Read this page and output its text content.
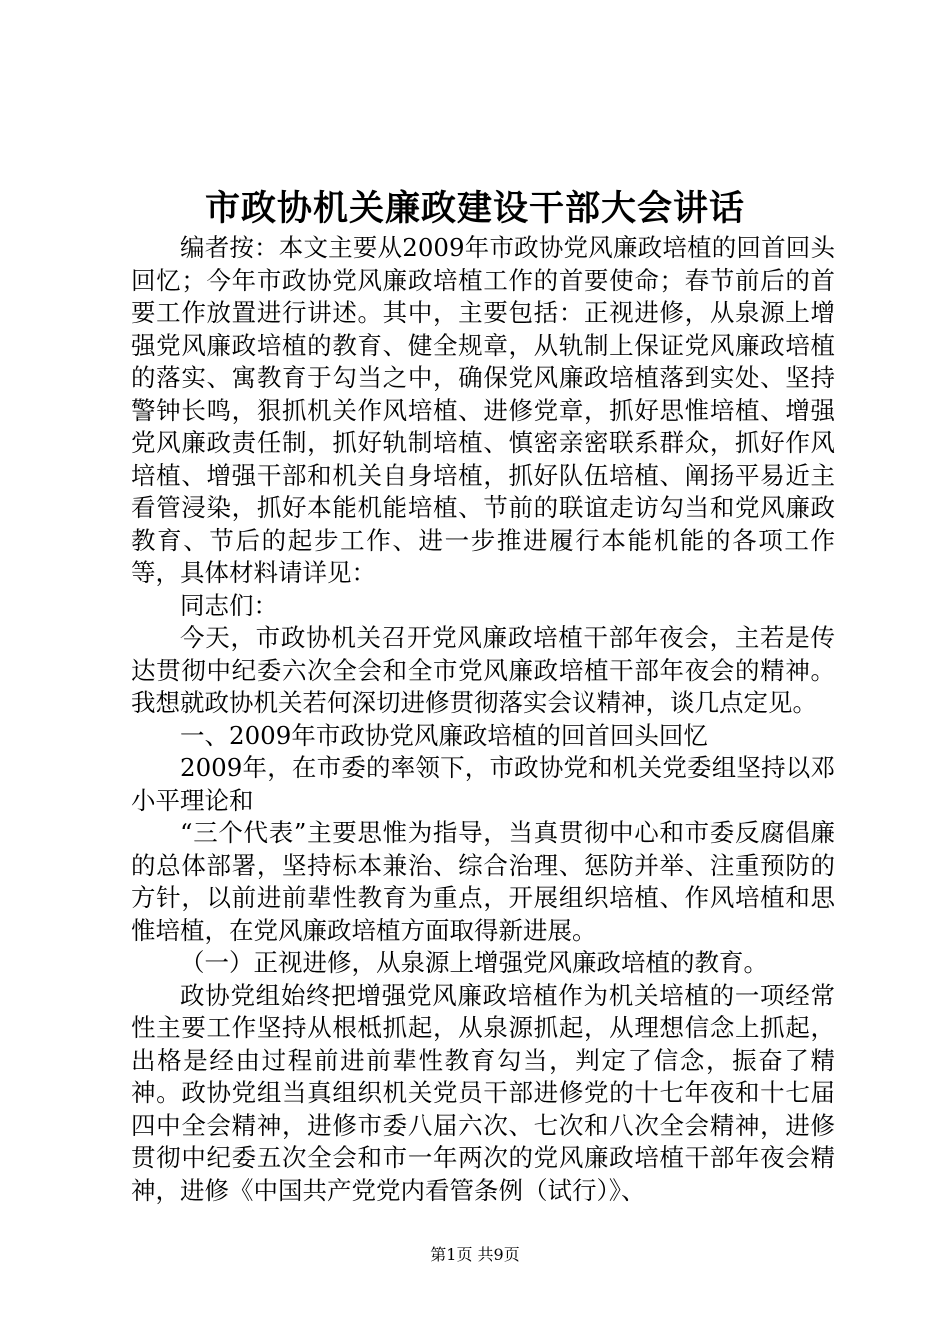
市政协机关廉政建设干部大会讲话

编者按：本文主要从2009年市政协党风廉政培植的回首回头回忆；今年市政协党风廉政培植工作的首要使命；春节前后的首要工作放置进行讲述。其中，主要包括：正视进修，从泉源上增强党风廉政培植的教育、健全规章，从轨制上保证党风廉政培植的落实、寓教育于勾当之中，确保党风廉政培植落到实处、坚持警钟长鸣，狠抓机关作风培植、进修党章，抓好思惟培植、增强党风廉政责任制，抓好轨制培植、慎密亲密联系群众，抓好作风培植、增强干部和机关自身培植，抓好队伍培植、阐扬平易近主看管浸染，抓好本能机能培植、节前的联谊走访勾当和党风廉政教育、节后的起步工作、进一步推进履行本能机能的各项工作等，具体材料请详见：

同志们：

今天，市政协机关召开党风廉政培植干部年夜会，主若是传达贯彻中纪委六次全会和全市党风廉政培植干部年夜会的精神。我想就政协机关若何深切进修贯彻落实会议精神，谈几点定见。

一、2009年市政协党风廉政培植的回首回头回忆

2009年，在市委的率领下，市政协党和机关党委组坚持以邓小平理论和

“三个代表”主要思惟为指导，当真贯彻中心和市委反腐倡廉的总体部署，坚持标本兼治、综合治理、惩防并举、注重预防的方针，以前进前辈性教育为重点，开展组织培植、作风培植和思惟培植，在党风廉政培植方面取得新进展。

（一）正视进修，从泉源上增强党风廉政培植的教育。

政协党组始终把增强党风廉政培植作为机关培植的一项经常性主要工作坚持从根柢抓起，从泉源抓起，从理想信念上抓起，出格是经由过程前进前辈性教育勾当，判定了信念，振奋了精神。政协党组当真组织机关党员干部进修党的十七年夜和十七届四中全会精神，进修市委八届六次、七次和八次全会精神，进修贯彻中纪委五次全会和市一年两次的党风廉政培植干部年夜会精神，进修《中国共产党党内看管条例（试行）》、

第1页 共9页
